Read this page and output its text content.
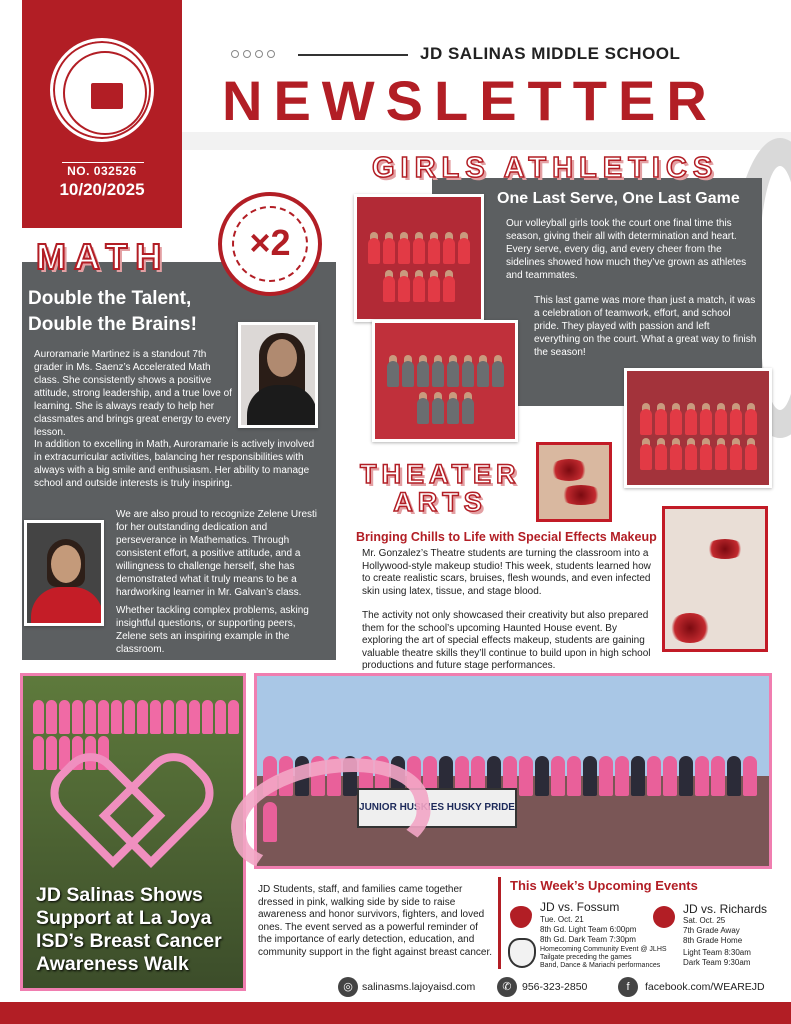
NO. 032526
10/20/2025
JD SALINAS MIDDLE SCHOOL
NEWSLETTER
MATH	×2
Double the Talent, Double the Brains!
Auroramarie Martinez is a standout 7th grader in Ms. Saenz’s Accelerated Math class. She consistently shows a positive attitude, strong leadership, and a true love of learning. She is always ready to help her classmates and brings great energy to every lesson.
In addition to excelling in Math, Auroramarie is actively involved in extracurricular activities, balancing her responsibilities with always with a big smile and enthusiasm. Her ability to manage school and outside interests is truly inspiring.
We are also proud to recognize Zelene Uresti for her outstanding dedication and perseverance in Mathematics. Through consistent effort, a positive attitude, and a willingness to challenge herself, she has demonstrated what it truly means to be a hardworking learner in Mr. Galvan’s class.
Whether tackling complex problems, asking insightful questions, or supporting peers, Zelene sets an inspiring example in the classroom.
GIRLS ATHLETICS
One Last Serve, One Last Game
Our volleyball girls took the court one final time this season, giving their all with determination and heart. Every serve, every dig, and every cheer from the sidelines showed how much they’ve grown as athletes and teammates.
This last game was more than just a match, it was a celebration of teamwork, effort, and school pride. They played with passion and left everything on the court. What a great way to finish the season!
THEATER ARTS
Bringing Chills to Life with Special Effects Makeup
Mr. Gonzalez’s Theatre students are turning the classroom into a Hollywood-style makeup studio! This week, students learned how to create realistic scars, bruises, flesh wounds, and even infected skin using latex, tissue, and stage blood.
The activity not only showcased their creativity but also prepared them for the school’s upcoming Haunted House event. By exploring the art of special effects makeup, students are gaining valuable theatre skills they’ll continue to build upon in high school productions and future stage performances.
JUNIOR HUSKIES HUSKY PRIDE
JD Salinas Shows Support at La Joya ISD’s Breast Cancer Awareness Walk
JD Students, staff, and families came together dressed in pink, walking side by side to raise awareness and honor survivors, fighters, and loved ones. The event served as a powerful reminder of the importance of early detection, education, and community support in the fight against breast cancer.
This Week’s Upcoming Events
JD vs. Fossum
Tue. Oct. 21
8th Gd. Light Team 6:00pm
8th Gd. Dark Team 7:30pm
Homecoming Community Event @ JLHS
Tailgate preceding the games
Band, Dance & Mariachi performances
JD vs. Richards
Sat. Oct. 25
7th Grade Away
8th Grade Home
Light Team 8:30am
Dark Team 9:30am
◎ salinasms.lajoyaisd.com	✆ 956-323-2850	f	facebook.com/WEAREJD
